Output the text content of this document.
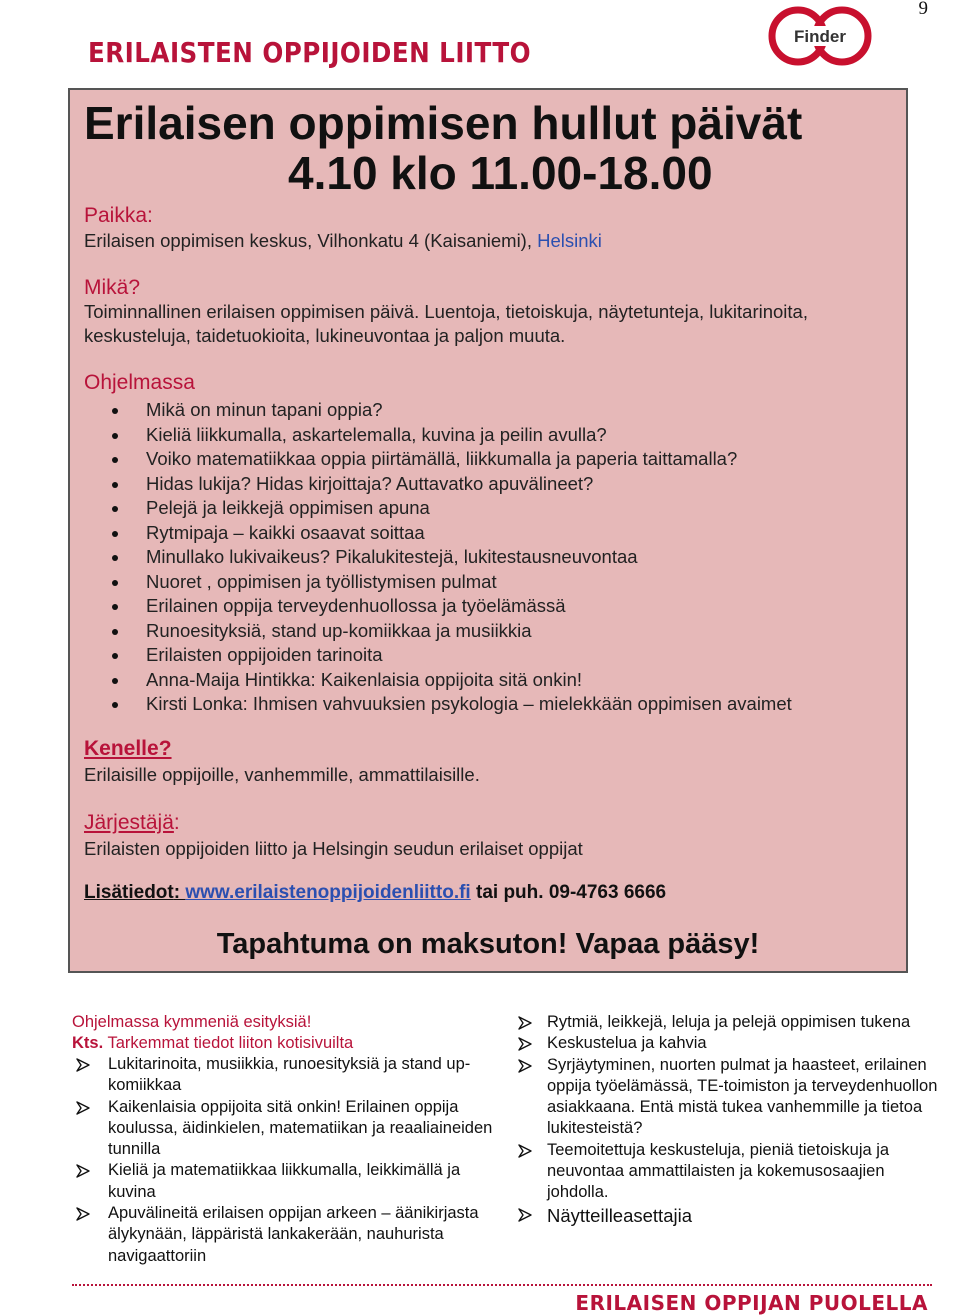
9
ERILAISTEN OPPIJOIDEN LIITTO	Finder
Erilaisen oppimisen hullut päivät
4.10 klo 11.00-18.00
Paikka:
Erilaisen oppimisen keskus, Vilhonkatu 4 (Kaisaniemi), Helsinki
Mikä?
Toiminnallinen erilaisen oppimisen päivä. Luentoja, tietoiskuja, näytetunteja, lukitarinoita,
keskusteluja, taidetuokioita, lukineuvontaa ja paljon muuta.
Ohjelmassa
Mikä on minun tapani oppia?
Kieliä liikkumalla, askartelemalla, kuvina ja peilin avulla?
Voiko matematiikkaa oppia piirtämällä, liikkumalla ja paperia taittamalla?
Hidas lukija? Hidas kirjoittaja? Auttavatko apuvälineet?
Pelejä ja leikkejä oppimisen apuna
Rytmipaja – kaikki osaavat soittaa
Minullako lukivaikeus? Pikalukitestejä, lukitestausneuvontaa
Nuoret , oppimisen ja työllistymisen pulmat
Erilainen oppija terveydenhuollossa ja työelämässä
Runoesityksiä, stand up-komiikkaa ja musiikkia
Erilaisten oppijoiden tarinoita
Anna-Maija Hintikka: Kaikenlaisia oppijoita sitä onkin!
Kirsti Lonka: Ihmisen vahvuuksien psykologia – mielekkään oppimisen avaimet
Kenelle?
Erilaisille oppijoille, vanhemmille, ammattilaisille.
Järjestäjä:
Erilaisten oppijoiden liitto ja Helsingin seudun erilaiset oppijat
Lisätiedot: www.erilaistenoppijoidenliitto.fi tai puh. 09-4763 6666
Tapahtuma on maksuton! Vapaa pääsy!
Ohjelmassa kymmeniä esityksiä!
Kts. Tarkemmat tiedot liiton kotisivuilta
Lukitarinoita, musiikkia, runoesityksiä ja stand up-komiikkaa
Kaikenlaisia oppijoita sitä onkin! Erilainen oppija koulussa, äidinkielen, matematiikan ja reaaliaineiden tunnilla
Kieliä ja matematiikkaa liikkumalla, leikkimällä ja kuvina
Apuvälineitä erilaisen oppijan arkeen – äänikirjasta älykynään, läppäristä lankakerään, nauhurista navigaattoriin
Rytmiä, leikkejä, leluja ja pelejä oppimisen tukena
Keskustelua ja kahvia
Syrjäytyminen, nuorten pulmat ja haasteet, erilainen oppija työelämässä, TE-toimiston ja terveydenhuollon asiakkaana. Entä mistä tukea vanhemmille ja tietoa lukitesteistä?
Teemoitettuja keskusteluja, pieniä tietoiskuja ja neuvontaa ammattilaisten ja kokemusosaajien johdolla.
Näytteilleasettajia
ERILAISEN OPPIJAN PUOLELLA
